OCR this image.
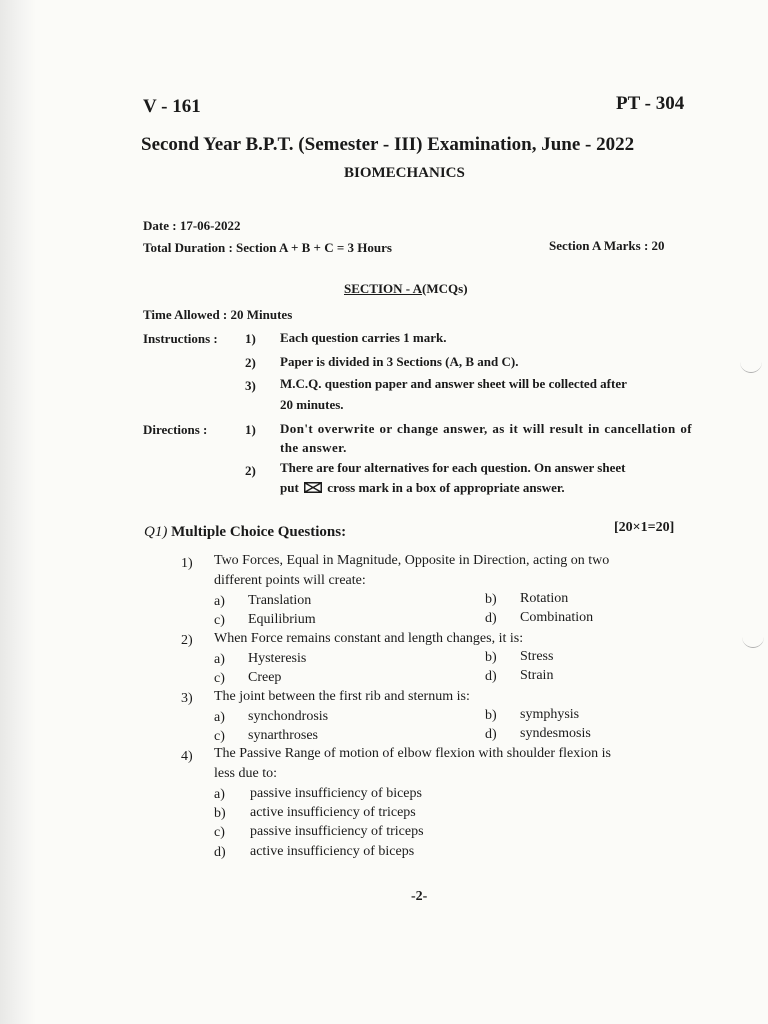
V - 161	PT - 304
Second Year B.P.T. (Semester - III) Examination, June - 2022
BIOMECHANICS
Date : 17-06-2022
Total Duration : Section A + B + C = 3 Hours	Section A Marks : 20
SECTION - A(MCQs)
Time Allowed : 20 Minutes
Instructions : 1) Each question carries 1 mark.
2) Paper is divided in 3 Sections (A, B and C).
3) M.C.Q. question paper and answer sheet will be collected after
20 minutes.
Directions :	1) Don't overwrite or change answer, as it will result in cancellation of the answer.
2) There are four alternatives for each question. On answer sheet
put ☒ cross mark in a box of appropriate answer.
Q1) Multiple Choice Questions:	[20×1=20]
1) Two Forces, Equal in Magnitude, Opposite in Direction, acting on two
different points will create:
a) Translation	b) Rotation
c) Equilibrium	d) Combination
2) When Force remains constant and length changes, it is:
a) Hysteresis	b) Stress
c) Creep	d) Strain
3) The joint between the first rib and sternum is:
a) synchondrosis	b) symphysis
c) synarthroses	d) syndesmosis
4) The Passive Range of motion of elbow flexion with shoulder flexion is
less due to:
a) passive insufficiency of biceps
b) active insufficiency of triceps
c) passive insufficiency of triceps
d) active insufficiency of biceps
-2-
